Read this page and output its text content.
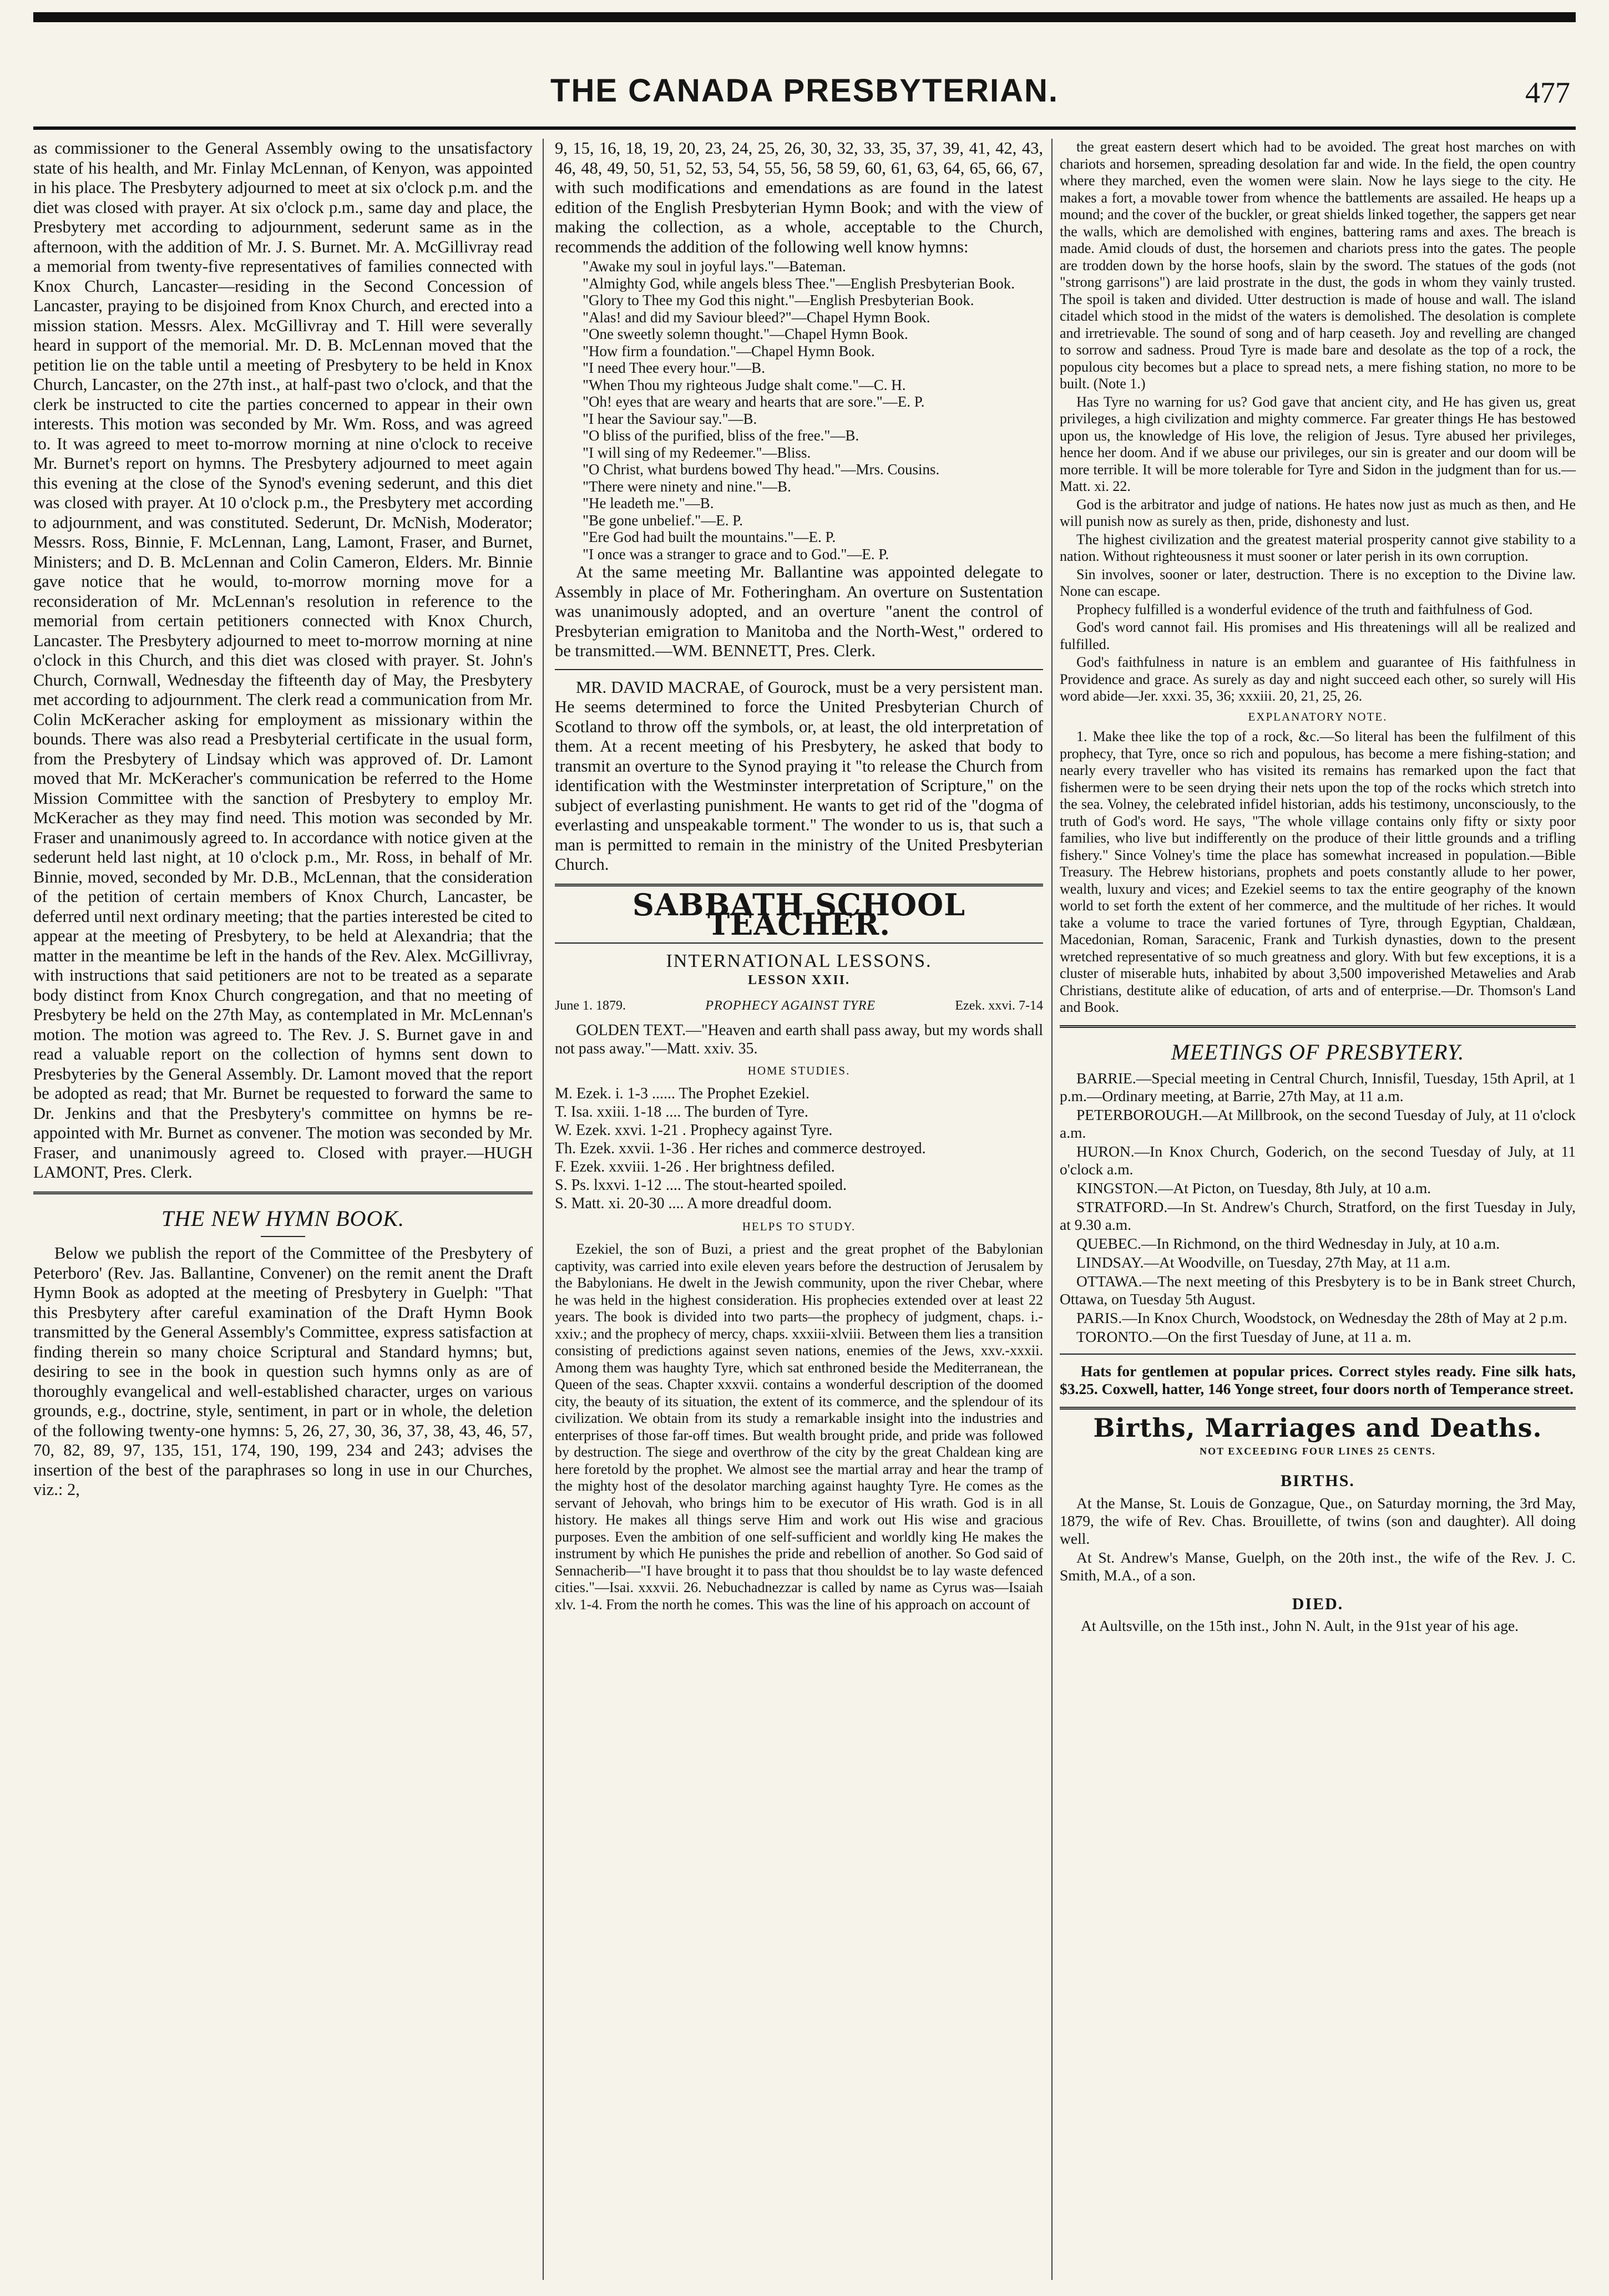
THE CANADA PRESBYTERIAN.	477

as commissioner to the General Assembly owing to the unsatisfactory state of his health, and Mr. Finlay McLennan, of Kenyon, was appointed in his place. The Presbytery adjourned to meet at six o'clock p.m. and the diet was closed with prayer. At six o'clock p.m., same day and place, the Presbytery met according to adjournment, sederunt same as in the afternoon, with the addition of Mr. J. S. Burnet. Mr. A. McGillivray read a memorial from twenty-five representatives of families connected with Knox Church, Lancaster—residing in the Second Concession of Lancaster, praying to be disjoined from Knox Church, and erected into a mission station. Messrs. Alex. McGillivray and T. Hill were severally heard in support of the memorial. Mr. D. B. McLennan moved that the petition lie on the table until a meeting of Presbytery to be held in Knox Church, Lancaster, on the 27th inst., at half-past two o'clock, and that the clerk be instructed to cite the parties concerned to appear in their own interests. This motion was seconded by Mr. Wm. Ross, and was agreed to. It was agreed to meet to-morrow morning at nine o'clock to receive Mr. Burnet's report on hymns. The Presbytery adjourned to meet again this evening at the close of the Synod's evening sederunt, and this diet was closed with prayer. At 10 o'clock p.m., the Presbytery met according to adjournment, and was constituted. Sederunt, Dr. McNish, Moderator; Messrs. Ross, Binnie, F. McLennan, Lang, Lamont, Fraser, and Burnet, Ministers; and D. B. McLennan and Colin Cameron, Elders. Mr. Binnie gave notice that he would, to-morrow morning move for a reconsideration of Mr. McLennan's resolution in reference to the memorial from certain petitioners connected with Knox Church, Lancaster. The Presbytery adjourned to meet to-morrow morning at nine o'clock in this Church, and this diet was closed with prayer. St. John's Church, Cornwall, Wednesday the fifteenth day of May, the Presbytery met according to adjournment. The clerk read a communication from Mr. Colin McKeracher asking for employment as missionary within the bounds. There was also read a Presbyterial certificate in the usual form, from the Presbytery of Lindsay which was approved of. Dr. Lamont moved that Mr. McKeracher's communication be referred to the Home Mission Committee with the sanction of Presbytery to employ Mr. McKeracher as they may find need. This motion was seconded by Mr. Fraser and unanimously agreed to. In accordance with notice given at the sederunt held last night, at 10 o'clock p.m., Mr. Ross, in behalf of Mr. Binnie, moved, seconded by Mr. D.B., McLennan, that the consideration of the petition of certain members of Knox Church, Lancaster, be deferred until next ordinary meeting; that the parties interested be cited to appear at the meeting of Presbytery, to be held at Alexandria; that the matter in the meantime be left in the hands of the Rev. Alex. McGillivray, with instructions that said petitioners are not to be treated as a separate body distinct from Knox Church congregation, and that no meeting of Presbytery be held on the 27th May, as contemplated in Mr. McLennan's motion. The motion was agreed to. The Rev. J. S. Burnet gave in and read a valuable report on the collection of hymns sent down to Presbyteries by the General Assembly. Dr. Lamont moved that the report be adopted as read; that Mr. Burnet be requested to forward the same to Dr. Jenkins and that the Presbytery's committee on hymns be re-appointed with Mr. Burnet as convener. The motion was seconded by Mr. Fraser, and unanimously agreed to. Closed with prayer.—HUGH LAMONT, Pres. Clerk.

THE NEW HYMN BOOK.

Below we publish the report of the Committee of the Presbytery of Peterboro' (Rev. Jas. Ballantine, Convener) on the remit anent the Draft Hymn Book as adopted at the meeting of Presbytery in Guelph: "That this Presbytery after careful examination of the Draft Hymn Book transmitted by the General Assembly's Committee, express satisfaction at finding therein so many choice Scriptural and Standard hymns; but, desiring to see in the book in question such hymns only as are of thoroughly evangelical and well-established character, urges on various grounds, e.g., doctrine, style, sentiment, in part or in whole, the deletion of the following twenty-one hymns: 5, 26, 27, 30, 36, 37, 38, 43, 46, 57, 70, 82, 89, 97, 135, 151, 174, 190, 199, 234 and 243; advises the insertion of the best of the paraphrases so long in use in our Churches, viz.: 2,

9, 15, 16, 18, 19, 20, 23, 24, 25, 26, 30, 32, 33, 35, 37, 39, 41, 42, 43, 46, 48, 49, 50, 51, 52, 53, 54, 55, 56, 58 59, 60, 61, 63, 64, 65, 66, 67, with such modifications and emendations as are found in the latest edition of the English Presbyterian Hymn Book; and with the view of making the collection, as a whole, acceptable to the Church, recommends the addition of the following well know hymns:

"Awake my soul in joyful lays."—Bateman.

"Almighty God, while angels bless Thee."—English Presbyterian Book.

"Glory to Thee my God this night."—English Presbyterian Book.

"Alas! and did my Saviour bleed?"—Chapel Hymn Book.

"One sweetly solemn thought."—Chapel Hymn Book.

"How firm a foundation."—Chapel Hymn Book.

"I need Thee every hour."—B.

"When Thou my righteous Judge shalt come."—C. H.

"Oh! eyes that are weary and hearts that are sore."—E. P.

"I hear the Saviour say."—B.

"O bliss of the purified, bliss of the free."—B.

"I will sing of my Redeemer."—Bliss.

"O Christ, what burdens bowed Thy head."—Mrs. Cousins.

"There were ninety and nine."—B.

"He leadeth me."—B.

"Be gone unbelief."—E. P.

"Ere God had built the mountains."—E. P.

"I once was a stranger to grace and to God."—E. P.

At the same meeting Mr. Ballantine was appointed delegate to Assembly in place of Mr. Fotheringham. An overture on Sustentation was unanimously adopted, and an overture "anent the control of Presbyterian emigration to Manitoba and the North-West," ordered to be transmitted.—WM. BENNETT, Pres. Clerk.

MR. DAVID MACRAE, of Gourock, must be a very persistent man. He seems determined to force the United Presbyterian Church of Scotland to throw off the symbols, or, at least, the old interpretation of them. At a recent meeting of his Presbytery, he asked that body to transmit an overture to the Synod praying it "to release the Church from identification with the Westminster interpretation of Scripture," on the subject of everlasting punishment. He wants to get rid of the "dogma of everlasting and unspeakable torment." The wonder to us is, that such a man is permitted to remain in the ministry of the United Presbyterian Church.

SABBATH SCHOOL TEACHER.
INTERNATIONAL LESSONS.
LESSON XXII.
June 1. 1879.	PROPHECY AGAINST TYRE	Ezek. xxvi. 7-14

GOLDEN TEXT.—"Heaven and earth shall pass away, but my words shall not pass away."—Matt. xxiv. 35.

HOME STUDIES.
M. Ezek. i. 1-3 ...... The Prophet Ezekiel.
T. Isa. xxiii. 1-18 .... The burden of Tyre.
W. Ezek. xxvi. 1-21 . Prophecy against Tyre.
Th. Ezek. xxvii. 1-36 . Her riches and commerce destroyed.
F. Ezek. xxviii. 1-26 . Her brightness defiled.
S. Ps. lxxvi. 1-12 .... The stout-hearted spoiled.
S. Matt. xi. 20-30 .... A more dreadful doom.
HELPS TO STUDY.

Ezekiel, the son of Buzi, a priest and the great prophet of the Babylonian captivity, was carried into exile eleven years before the destruction of Jerusalem by the Babylonians. He dwelt in the Jewish community, upon the river Chebar, where he was held in the highest consideration. His prophecies extended over at least 22 years. The book is divided into two parts—the prophecy of judgment, chaps. i.-xxiv.; and the prophecy of mercy, chaps. xxxiii-xlviii. Between them lies a transition consisting of predictions against seven nations, enemies of the Jews, xxv.-xxxii. Among them was haughty Tyre, which sat enthroned beside the Mediterranean, the Queen of the seas. Chapter xxxvii. contains a wonderful description of the doomed city, the beauty of its situation, the extent of its commerce, and the splendour of its civilization. We obtain from its study a remarkable insight into the industries and enterprises of those far-off times. But wealth brought pride, and pride was followed by destruction. The siege and overthrow of the city by the great Chaldean king are here foretold by the prophet. We almost see the martial array and hear the tramp of the mighty host of the desolator marching against haughty Tyre. He comes as the servant of Jehovah, who brings him to be executor of His wrath. God is in all history. He makes all things serve Him and work out His wise and gracious purposes. Even the ambition of one self-sufficient and worldly king He makes the instrument by which He punishes the pride and rebellion of another. So God said of Sennacherib—"I have brought it to pass that thou shouldst be to lay waste defenced cities."—Isai. xxxvii. 26. Nebuchadnezzar is called by name as Cyrus was—Isaiah xlv. 1-4. From the north he comes. This was the line of his approach on account of

the great eastern desert which had to be avoided. The great host marches on with chariots and horsemen, spreading desolation far and wide. In the field, the open country where they marched, even the women were slain. Now he lays siege to the city. He makes a fort, a movable tower from whence the battlements are assailed. He heaps up a mound; and the cover of the buckler, or great shields linked together, the sappers get near the walls, which are demolished with engines, battering rams and axes. The breach is made. Amid clouds of dust, the horsemen and chariots press into the gates. The people are trodden down by the horse hoofs, slain by the sword. The statues of the gods (not "strong garrisons") are laid prostrate in the dust, the gods in whom they vainly trusted. The spoil is taken and divided. Utter destruction is made of house and wall. The island citadel which stood in the midst of the waters is demolished. The desolation is complete and irretrievable. The sound of song and of harp ceaseth. Joy and revelling are changed to sorrow and sadness. Proud Tyre is made bare and desolate as the top of a rock, the populous city becomes but a place to spread nets, a mere fishing station, no more to be built. (Note 1.)

Has Tyre no warning for us? God gave that ancient city, and He has given us, great privileges, a high civilization and mighty commerce. Far greater things He has bestowed upon us, the knowledge of His love, the religion of Jesus. Tyre abused her privileges, hence her doom. And if we abuse our privileges, our sin is greater and our doom will be more terrible. It will be more tolerable for Tyre and Sidon in the judgment than for us.—Matt. xi. 22.

God is the arbitrator and judge of nations. He hates now just as much as then, and He will punish now as surely as then, pride, dishonesty and lust.

The highest civilization and the greatest material prosperity cannot give stability to a nation. Without righteousness it must sooner or later perish in its own corruption.

Sin involves, sooner or later, destruction. There is no exception to the Divine law. None can escape.

Prophecy fulfilled is a wonderful evidence of the truth and faithfulness of God.

God's word cannot fail. His promises and His threatenings will all be realized and fulfilled.

God's faithfulness in nature is an emblem and guarantee of His faithfulness in Providence and grace. As surely as day and night succeed each other, so surely will His word abide—Jer. xxxi. 35, 36; xxxiii. 20, 21, 25, 26.

EXPLANATORY NOTE.

1. Make thee like the top of a rock, &c.—So literal has been the fulfilment of this prophecy, that Tyre, once so rich and populous, has become a mere fishing-station; and nearly every traveller who has visited its remains has remarked upon the fact that fishermen were to be seen drying their nets upon the top of the rocks which stretch into the sea. Volney, the celebrated infidel historian, adds his testimony, unconsciously, to the truth of God's word. He says, "The whole village contains only fifty or sixty poor families, who live but indifferently on the produce of their little grounds and a trifling fishery." Since Volney's time the place has somewhat increased in population.—Bible Treasury. The Hebrew historians, prophets and poets constantly allude to her power, wealth, luxury and vices; and Ezekiel seems to tax the entire geography of the known world to set forth the extent of her commerce, and the multitude of her riches. It would take a volume to trace the varied fortunes of Tyre, through Egyptian, Chaldæan, Macedonian, Roman, Saracenic, Frank and Turkish dynasties, down to the present wretched representative of so much greatness and glory. With but few exceptions, it is a cluster of miserable huts, inhabited by about 3,500 impoverished Metawelies and Arab Christians, destitute alike of education, of arts and of enterprise.—Dr. Thomson's Land and Book.

MEETINGS OF PRESBYTERY.

BARRIE.—Special meeting in Central Church, Innisfil, Tuesday, 15th April, at 1 p.m.—Ordinary meeting, at Barrie, 27th May, at 11 a.m.

PETERBOROUGH.—At Millbrook, on the second Tuesday of July, at 11 o'clock a.m.

HURON.—In Knox Church, Goderich, on the second Tuesday of July, at 11 o'clock a.m.

KINGSTON.—At Picton, on Tuesday, 8th July, at 10 a.m.

STRATFORD.—In St. Andrew's Church, Stratford, on the first Tuesday in July, at 9.30 a.m.

QUEBEC.—In Richmond, on the third Wednesday in July, at 10 a.m.

LINDSAY.—At Woodville, on Tuesday, 27th May, at 11 a.m.

OTTAWA.—The next meeting of this Presbytery is to be in Bank street Church, Ottawa, on Tuesday 5th August.

PARIS.—In Knox Church, Woodstock, on Wednesday the 28th of May at 2 p.m.

TORONTO.—On the first Tuesday of June, at 11 a. m.

Hats for gentlemen at popular prices. Correct styles ready. Fine silk hats, $3.25. Coxwell, hatter, 146 Yonge street, four doors north of Temperance street.

Births, Marriages and Deaths.
NOT EXCEEDING FOUR LINES 25 CENTS.
BIRTHS.

At the Manse, St. Louis de Gonzague, Que., on Saturday morning, the 3rd May, 1879, the wife of Rev. Chas. Brouillette, of twins (son and daughter). All doing well.

At St. Andrew's Manse, Guelph, on the 20th inst., the wife of the Rev. J. C. Smith, M.A., of a son.

DIED.

At Aultsville, on the 15th inst., John N. Ault, in the 91st year of his age.
